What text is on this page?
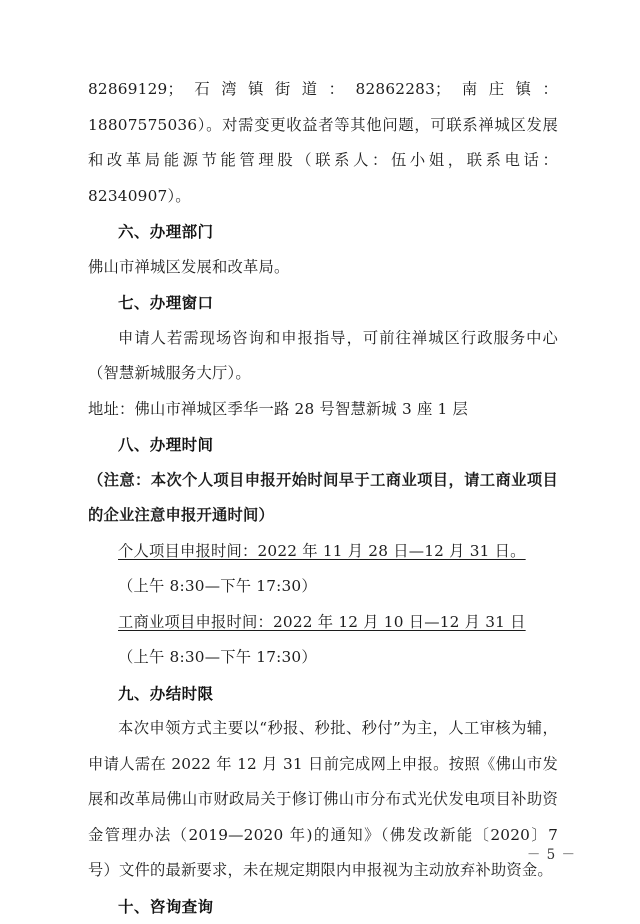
82869129；石湾镇街道：82862283；南庄镇：18807575036）。对需变更收益者等其他问题，可联系禅城区发展和改革局能源节能管理股（联系人：伍小姐，联系电话：82340907）。

六、办理部门

佛山市禅城区发展和改革局。

七、办理窗口

申请人若需现场咨询和申报指导，可前往禅城区行政服务中心（智慧新城服务大厅）。

地址：佛山市禅城区季华一路 28 号智慧新城 3 座 1 层

八、办理时间

（注意：本次个人项目申报开始时间早于工商业项目，请工商业项目的企业注意申报开通时间）

个人项目申报时间：2022 年 11 月 28 日—12 月 31 日。

（上午 8:30—下午 17:30）

工商业项目申报时间：2022 年 12 月 10 日—12 月 31 日

（上午 8:30—下午 17:30）

九、办结时限

本次申领方式主要以“秒报、秒批、秒付”为主，人工审核为辅，申请人需在 2022 年 12 月 31 日前完成网上申报。按照《佛山市发展和改革局佛山市财政局关于修订佛山市分布式光伏发电项目补助资金管理办法（2019—2020 年)的通知》（佛发改新能〔2020〕7 号）文件的最新要求，未在规定期限内申报视为主动放弃补助资金。

十、咨询查询

－ 5 －
